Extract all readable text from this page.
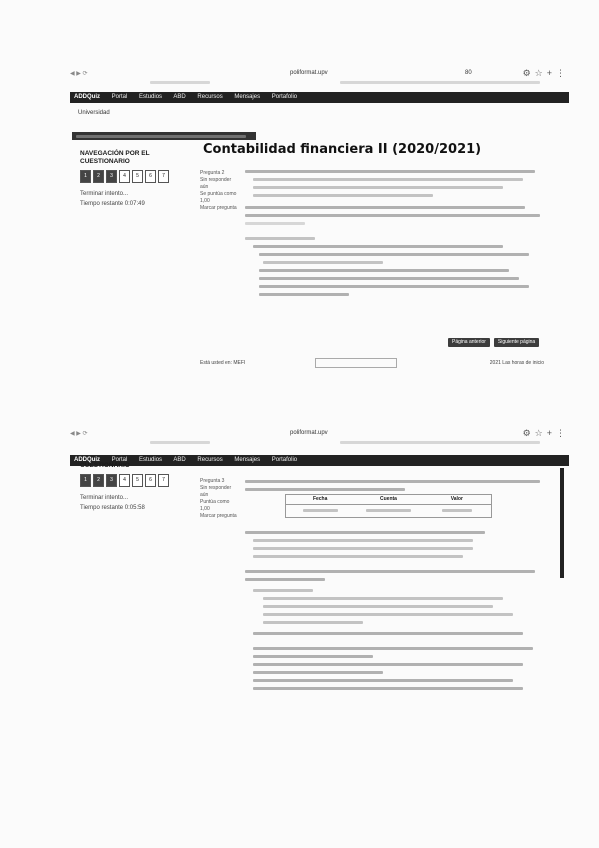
◀ ▶ ⟳	poliformat.upv	80	⚙☆+⋮
ADDQuiz Portal Estudios ABD Recursos Mensajes Portafolio
Universidad
NAVEGACIÓN POR EL CUESTIONARIO
1	2	3	4	5	6	7
Terminar intento...
Tiempo restante 0:07:49
Contabilidad financiera II (2020/2021)
Pregunta 2
Sin responder aún
Se puntúa como
1,00
Marcar pregunta
Página anterior	Siguiente página
Está usted en: MEFI	2021 Las horas de inicio
◀ ▶ ⟳	poliformat.upv	⚙☆+⋮
ADDQuiz Portal Estudios ABD Recursos Mensajes Portafolio
CUESTIONARIO
1	2	3	4	5	6	7
Terminar intento...
Tiempo restante 0:05:58
Pregunta 3
Sin responder aún
Puntúa como
1,00
Marcar pregunta
Fecha	Cuenta	Valor
